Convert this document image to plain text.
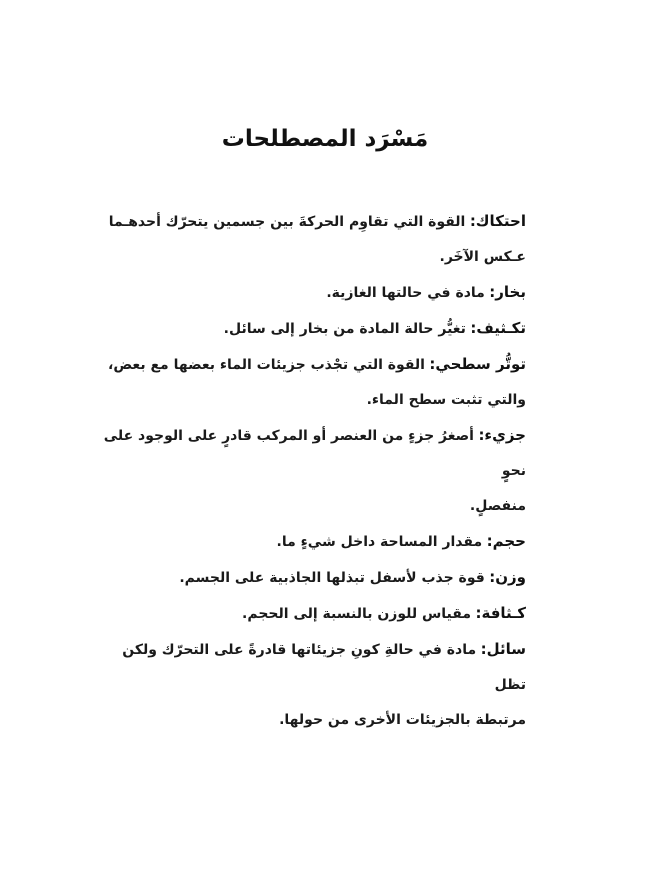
مَسْرَد المصطلحات

احتكاك: القوة التي تقاوِم الحركةَ بين جسمين يتحرّك أحدهـما
عـكس الآخَر.

بخار: مادة في حالتها الغازية.

تكـثيف: تغيُّر حالة المادة من بخار إلى سائل.

توتُّر سطحي: القوة التي تجْذب جزيئات الماء بعضها مع بعض،
والتي تثبت سطح الماء.

جزيء: أصغرُ جزءٍ من العنصر أو المركب قادرٍ على الوجود على نحوٍ
منفصلٍ.

حجم: مقدار المساحة داخل شيءٍ ما.

وزن: قوة جذب لأسفل تبذلها الجاذبية على الجسم.

كـثافة: مقياس للوزن بالنسبة إلى الحجم.

سائل: مادة في حالةِ كونِ جزيئاتها قادرةً على التحرّك ولكن تظل
مرتبطة بالجزيئات الأخرى من حولها.
